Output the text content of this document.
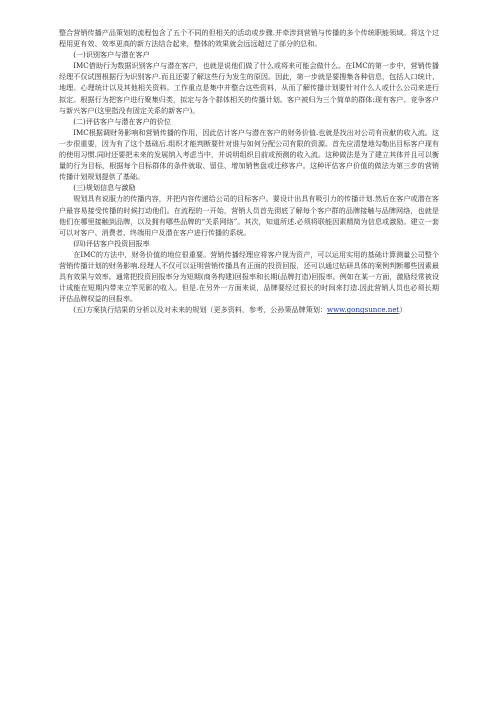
整合营销传播产品策划的流程包含了五个不同的但相关的活动或步骤.并牵涉到营销与传播的多个传统职能领域。将这个过程用更有效、效率更高的新方法结合起来，整体的效果就会远远超过了部分的总和。

(一)识别客户与潜在客户

IMC借助行为数据识别客户与潜在客户，也就是说他们做了什么或将来可能会做什么。在IMC的第一步中，营销传播经理不仅试图根据行为识别客户.而且还要了解这些行为发生的原因。因此，第一步就是要搜集各种信息，包括人口统计、地理、心理统计以及其他相关资料。工作重点是集中并整合这些资料，从而了解传播计划要针对什么人或什么公司来进行拟定。根据行为把客户进行聚集归类，拟定与各个群体相关的传播计划。客户被归为三个简单的群体:现有客户、竞争客户与新兴客户(这里指没有固定关系的新客户)。

(二)评估客户与潜在客户的价位

IMC根据调财务影响和营销传播的作用，因此估计客户与潜在客户的财务价值.也就是找出对公司有贡献的收入流。这一步很重要，因为有了这个基础后.组织才能判断要针对谁与如何分配公司有限的资源。首先应清楚地勾勒出目标客户现有的使用习惯.同时还要把未来的发展纳入考虑当中，并说明组织目前或预测的收入流。这种做法是为了建立其体并且可以衡量的行为目标，根据每个目标群体的条件就取、留住、增加销售盘或迁移客户。这种评估客户价值的做法为第三步的营销传播计划规划提供了基础。

(三)规划信息与激励

规划具有说服力的传播内容，并把内容传递给公司的目标客户。要设计出具有吸引力的传播计划.然后在客户或潜在客户最容易接受传播的时候打动他们。在流程的一开始，营销人员首先彻底了解每个客户群的品牌接触与品牌网络，也就是他们在哪里接触到品牌，以及拥有哪些品牌的“关系网络”。其次，知道所述.必须将联能因素精简为信息或激励。建立一套可以对客户、消费者、终端用户及潜在客户进行传播的系统。

(四)评估客户投资回报率

在IMC的方法中，财务价值的地位很重要。营销传播经理应将客户视为资产，可以运用实用的基础计算测量公司整个营销传播计划的财务影响.经理人不仅可以证明营销传播具有正面的投资回报，还可以通过钻研具体的案例判断哪些因素最具有效果与效率。通常把投资回报率分为短期(商务构建)回报率和长期(品牌打造)回报率。例如在某一方面，激励经常被设计成能在短期内带来立竿见影的收入。但是.在另外一方面来说，品牌要经过很长的时间来打造.因此营销人员也必须长期评估品牌权益的回报率。

(五)方案执行结果的分析以及对未来的规划（更多资料，参考，公孙策品牌策划：www.gongsunce.net）
